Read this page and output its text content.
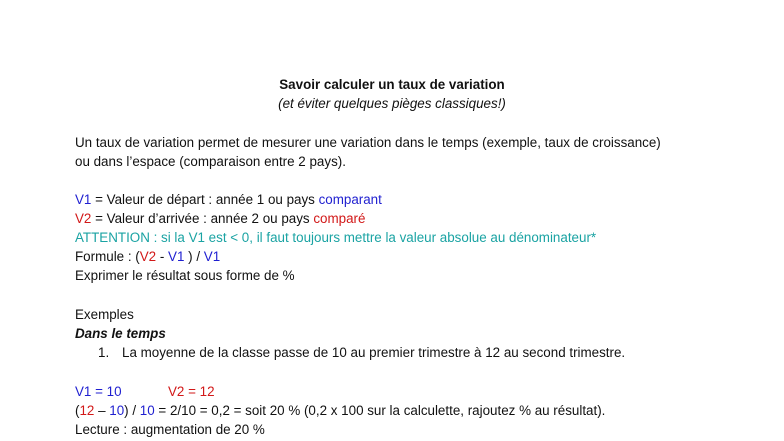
Savoir calculer un taux de variation
(et éviter quelques pièges classiques!)
Un taux de variation permet de mesurer une variation dans le temps (exemple, taux de croissance)
ou dans l’espace (comparaison entre 2 pays).
V1 = Valeur de départ : année 1 ou pays comparant
V2 = Valeur d’arrivée : année 2 ou pays comparé
ATTENTION : si la V1 est < 0, il faut toujours mettre la valeur absolue au dénominateur*
Formule : (V2 - V1 ) / V1
Exprimer le résultat sous forme de %
Exemples
Dans le temps
1. La moyenne de la classe passe de 10 au premier trimestre à 12 au second trimestre.
V1 = 10	V2 = 12
(12 – 10) / 10 = 2/10 = 0,2 = soit 20 % (0,2 x 100 sur la calculette, rajoutez % au résultat).
Lecture : augmentation de 20 %
